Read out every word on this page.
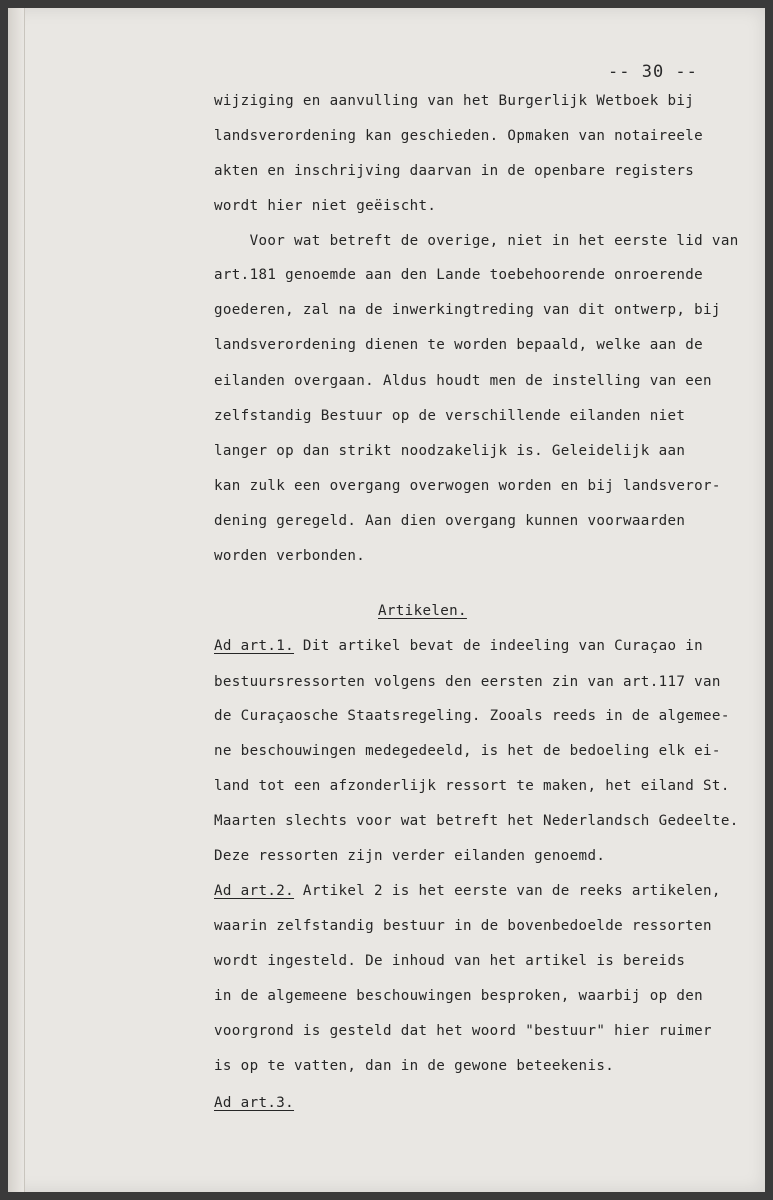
-- 30 --
wijziging en aanvulling van het Burgerlijk Wetboek bij
landsverordening kan geschieden. Opmaken van notaireele
akten en inschrijving daarvan in de openbare registers
wordt hier niet geëischt.
Voor wat betreft de overige, niet in het eerste lid van
art.181 genoemde aan den Lande toebehoorende onroerende
goederen, zal na de inwerkingtreding van dit ontwerp, bij
landsverordening dienen te worden bepaald, welke aan de
eilanden overgaan. Aldus houdt men de instelling van een
zelfstandig Bestuur op de verschillende eilanden niet
langer op dan strikt noodzakelijk is. Geleidelijk aan
kan zulk een overgang overwogen worden en bij landsveror-
dening geregeld. Aan dien overgang kunnen voorwaarden
worden verbonden.
Artikelen.
Ad art.1. Dit artikel bevat de indeeling van Curaçao in
bestuursressorten volgens den eersten zin van art.117 van
de Curaçaosche Staatsregeling. Zooals reeds in de algemee-
ne beschouwingen medegedeeld, is het de bedoeling elk ei-
land tot een afzonderlijk ressort te maken, het eiland St.
Maarten slechts voor wat betreft het Nederlandsch Gedeelte.
Deze ressorten zijn verder eilanden genoemd.
Ad art.2. Artikel 2 is het eerste van de reeks artikelen,
waarin zelfstandig bestuur in de bovenbedoelde ressorten
wordt ingesteld. De inhoud van het artikel is bereids
in de algemeene beschouwingen besproken, waarbij op den
voorgrond is gesteld dat het woord "bestuur" hier ruimer
is op te vatten, dan in de gewone beteekenis.
Ad art.3.
